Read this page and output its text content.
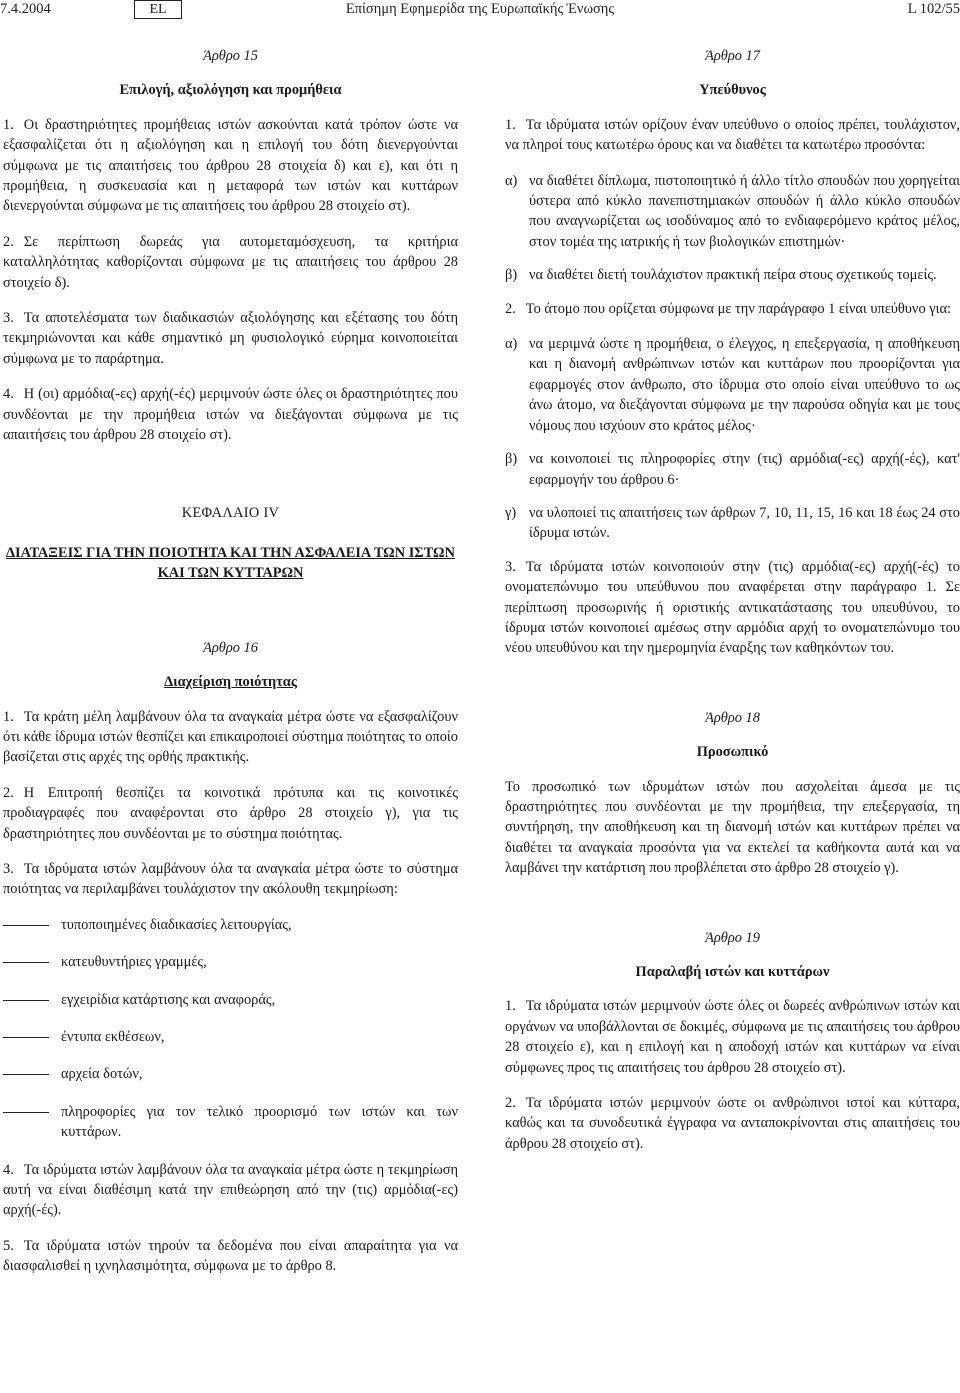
7.4.2004	EL	Επίσημη Εφημερίδα της Ευρωπαϊκής Ένωσης	L 102/55
Άρθρο 15
Επιλογή, αξιολόγηση και προμήθεια

1. Οι δραστηριότητες προμήθειας ιστών ασκούνται κατά τρόπον ώστε να εξασφαλίζεται ότι η αξιολόγηση και η επιλογή του δότη διενεργούνται σύμφωνα με τις απαιτήσεις του άρθρου 28 στοιχεία δ) και ε), και ότι η προμήθεια, η συσκευασία και η μεταφορά των ιστών και κυττάρων διενεργούνται σύμφωνα με τις απαιτήσεις του άρθρου 28 στοιχείο στ).

2. Σε περίπτωση δωρεάς για αυτομεταμόσχευση, τα κριτήρια καταλληλότητας καθορίζονται σύμφωνα με τις απαιτήσεις του άρθρου 28 στοιχείο δ).

3. Τα αποτελέσματα των διαδικασιών αξιολόγησης και εξέτασης του δότη τεκμηριώνονται και κάθε σημαντικό μη φυσιολογικό εύρημα κοινοποιείται σύμφωνα με το παράρτημα.

4. Η (οι) αρμόδια(-ες) αρχή(-ές) μεριμνούν ώστε όλες οι δραστηριότητες που συνδέονται με την προμήθεια ιστών να διεξάγονται σύμφωνα με τις απαιτήσεις του άρθρου 28 στοιχείο στ).

ΚΕΦΑΛΑΙΟ IV
ΔΙΑΤΑΞΕΙΣ ΓΙΑ ΤΗΝ ΠΟΙΟΤΗΤΑ ΚΑΙ ΤΗΝ ΑΣΦΑΛΕΙΑ ΤΩΝ ΙΣΤΩΝ ΚΑΙ ΤΩΝ ΚΥΤΤΑΡΩΝ
Άρθρο 16
Διαχείριση ποιότητας

1. Τα κράτη μέλη λαμβάνουν όλα τα αναγκαία μέτρα ώστε να εξασφαλίζουν ότι κάθε ίδρυμα ιστών θεσπίζει και επικαιροποιεί σύστημα ποιότητας το οποίο βασίζεται στις αρχές της ορθής πρακτικής.

2. Η Επιτροπή θεσπίζει τα κοινοτικά πρότυπα και τις κοινοτικές προδιαγραφές που αναφέρονται στο άρθρο 28 στοιχείο γ), για τις δραστηριότητες που συνδέονται με το σύστημα ποιότητας.

3. Τα ιδρύματα ιστών λαμβάνουν όλα τα αναγκαία μέτρα ώστε το σύστημα ποιότητας να περιλαμβάνει τουλάχιστον την ακόλουθη τεκμηρίωση:

τυποποιημένες διαδικασίες λειτουργίας,
κατευθυντήριες γραμμές,
εγχειρίδια κατάρτισης και αναφοράς,
έντυπα εκθέσεων,
αρχεία δοτών,
πληροφορίες για τον τελικό προορισμό των ιστών και των κυττάρων.

4. Τα ιδρύματα ιστών λαμβάνουν όλα τα αναγκαία μέτρα ώστε η τεκμηρίωση αυτή να είναι διαθέσιμη κατά την επιθεώρηση από την (τις) αρμόδια(-ες) αρχή(-ές).

5. Τα ιδρύματα ιστών τηρούν τα δεδομένα που είναι απαραίτητα για να διασφαλισθεί η ιχνηλασιμότητα, σύμφωνα με το άρθρο 8.

Άρθρο 17
Υπεύθυνος

1. Τα ιδρύματα ιστών ορίζουν έναν υπεύθυνο ο οποίος πρέπει, τουλάχιστον, να πληροί τους κατωτέρω όρους και να διαθέτει τα κατωτέρω προσόντα:

α) να διαθέτει δίπλωμα, πιστοποιητικό ή άλλο τίτλο σπουδών που χορηγείται ύστερα από κύκλο πανεπιστημιακών σπουδών ή άλλο κύκλο σπουδών που αναγνωρίζεται ως ισοδύναμος από το ενδιαφερόμενο κράτος μέλος, στον τομέα της ιατρικής ή των βιολογικών επιστημών·
β) να διαθέτει διετή τουλάχιστον πρακτική πείρα στους σχετικούς τομείς.

2. Το άτομο που ορίζεται σύμφωνα με την παράγραφο 1 είναι υπεύθυνο για:

α) να μεριμνά ώστε η προμήθεια, ο έλεγχος, η επεξεργασία, η αποθήκευση και η διανομή ανθρώπινων ιστών και κυττάρων που προορίζονται για εφαρμογές στον άνθρωπο, στο ίδρυμα στο οποίο είναι υπεύθυνο το ως άνω άτομο, να διεξάγονται σύμφωνα με την παρούσα οδηγία και με τους νόμους που ισχύουν στο κράτος μέλος·
β) να κοινοποιεί τις πληροφορίες στην (τις) αρμόδια(-ες) αρχή(-ές), κατ' εφαρμογήν του άρθρου 6·
γ) να υλοποιεί τις απαιτήσεις των άρθρων 7, 10, 11, 15, 16 και 18 έως 24 στο ίδρυμα ιστών.

3. Τα ιδρύματα ιστών κοινοποιούν στην (τις) αρμόδια(-ες) αρχή(-ές) το ονοματεπώνυμο του υπεύθυνου που αναφέρεται στην παράγραφο 1. Σε περίπτωση προσωρινής ή οριστικής αντικατάστασης του υπευθύνου, το ίδρυμα ιστών κοινοποιεί αμέσως στην αρμόδια αρχή το ονοματεπώνυμο του νέου υπευθύνου και την ημερομηνία έναρξης των καθηκόντων του.

Άρθρο 18
Προσωπικό

Το προσωπικό των ιδρυμάτων ιστών που ασχολείται άμεσα με τις δραστηριότητες που συνδέονται με την προμήθεια, την επεξεργασία, τη συντήρηση, την αποθήκευση και τη διανομή ιστών και κυττάρων πρέπει να διαθέτει τα αναγκαία προσόντα για να εκτελεί τα καθήκοντα αυτά και να λαμβάνει την κατάρτιση που προβλέπεται στο άρθρο 28 στοιχείο γ).

Άρθρο 19
Παραλαβή ιστών και κυττάρων

1. Τα ιδρύματα ιστών μεριμνούν ώστε όλες οι δωρεές ανθρώπινων ιστών και οργάνων να υποβάλλονται σε δοκιμές, σύμφωνα με τις απαιτήσεις του άρθρου 28 στοιχείο ε), και η επιλογή και η αποδοχή ιστών και κυττάρων να είναι σύμφωνες προς τις απαιτήσεις του άρθρου 28 στοιχείο στ).

2. Τα ιδρύματα ιστών μεριμνούν ώστε οι ανθρώπινοι ιστοί και κύτταρα, καθώς και τα συνοδευτικά έγγραφα να ανταποκρίνονται στις απαιτήσεις του άρθρου 28 στοιχείο στ).
